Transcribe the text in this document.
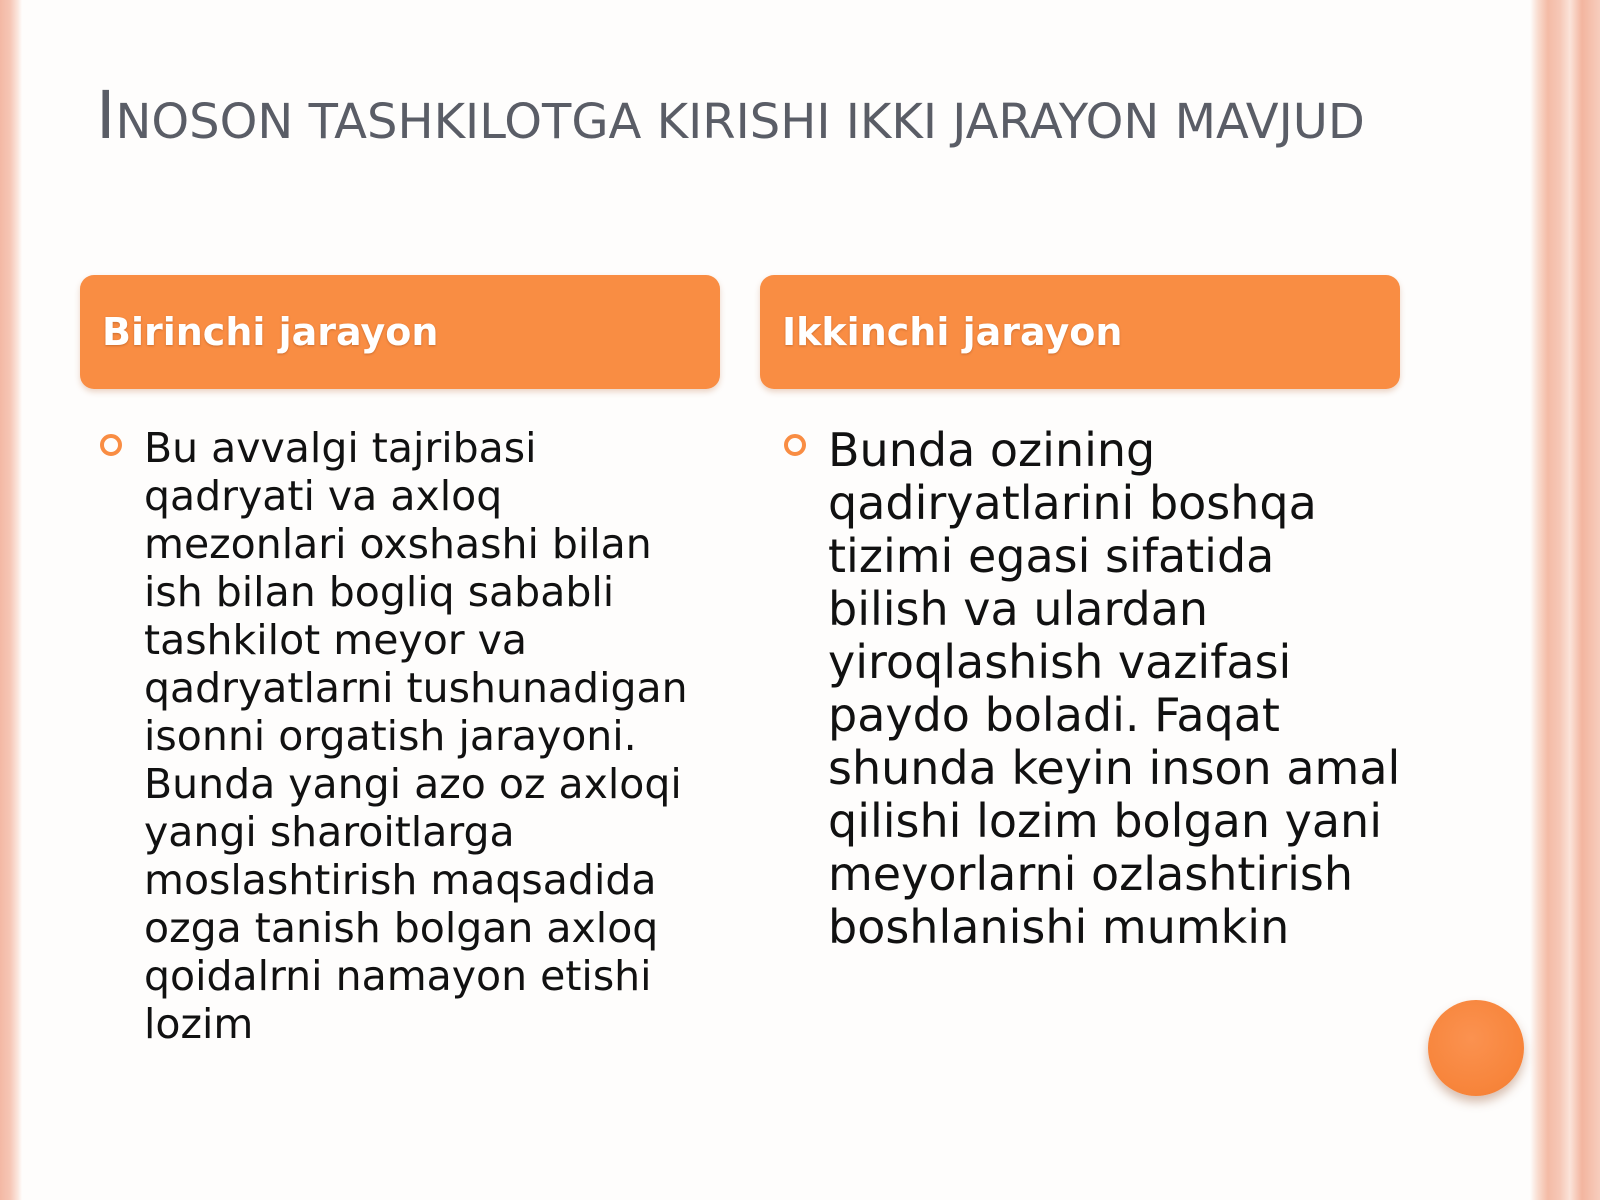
INOSON TASHKILOTGA KIRISHI IKKI JARAYON MAVJUD
Birinchi jarayon	Ikkinchi jarayon

Bu avvalgi tajribasi qadryati va axloq mezonlari oxshashi bilan ish bilan bogliq sababli tashkilot meyor va qadryatlarni tushunadigan isonni orgatish jarayoni. Bunda yangi azo oz axloqi yangi sharoitlarga moslashtirish maqsadida ozga tanish bolgan axloq qoidalrni namayon etishi lozim

Bunda ozining qadiryatlarini boshqa tizimi egasi sifatida bilish va ulardan yiroqlashish vazifasi paydo boladi. Faqat shunda keyin inson amal qilishi lozim bolgan yani meyorlarni ozlashtirish boshlanishi mumkin
